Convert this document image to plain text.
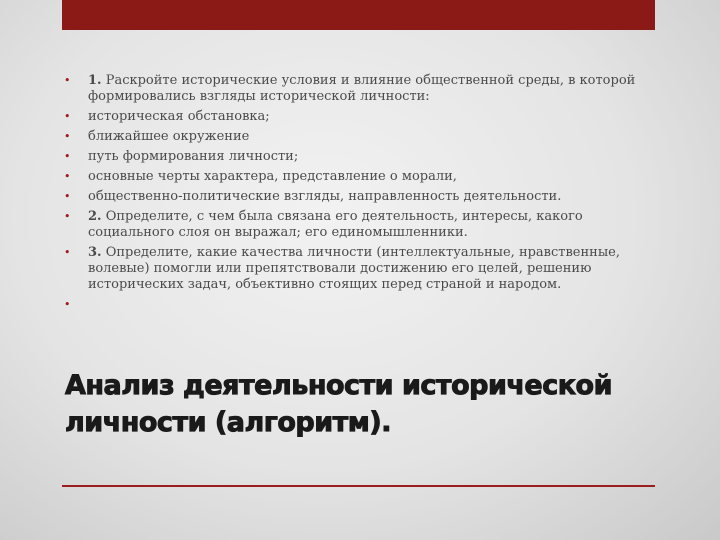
• 1. Раскройте исторические условия и влияние общественной среды, в которой формировались взгляды исторической личности:
• историческая обстановка;
• ближайшее окружение
• путь формирования личности;
• основные черты характера, представление о морали,
• общественно-политические взгляды, направленность деятельности.
• 2. Определите, с чем была связана его деятельность, интересы, какого социального слоя он выражал; его единомышленники.
• 3. Определите, какие качества личности (интеллектуальные, нравственные, волевые) помогли или препятствовали достижению его целей, решению исторических задач, объективно стоящих перед страной и народом.
•

Анализ деятельности исторической личности (алгоритм).
